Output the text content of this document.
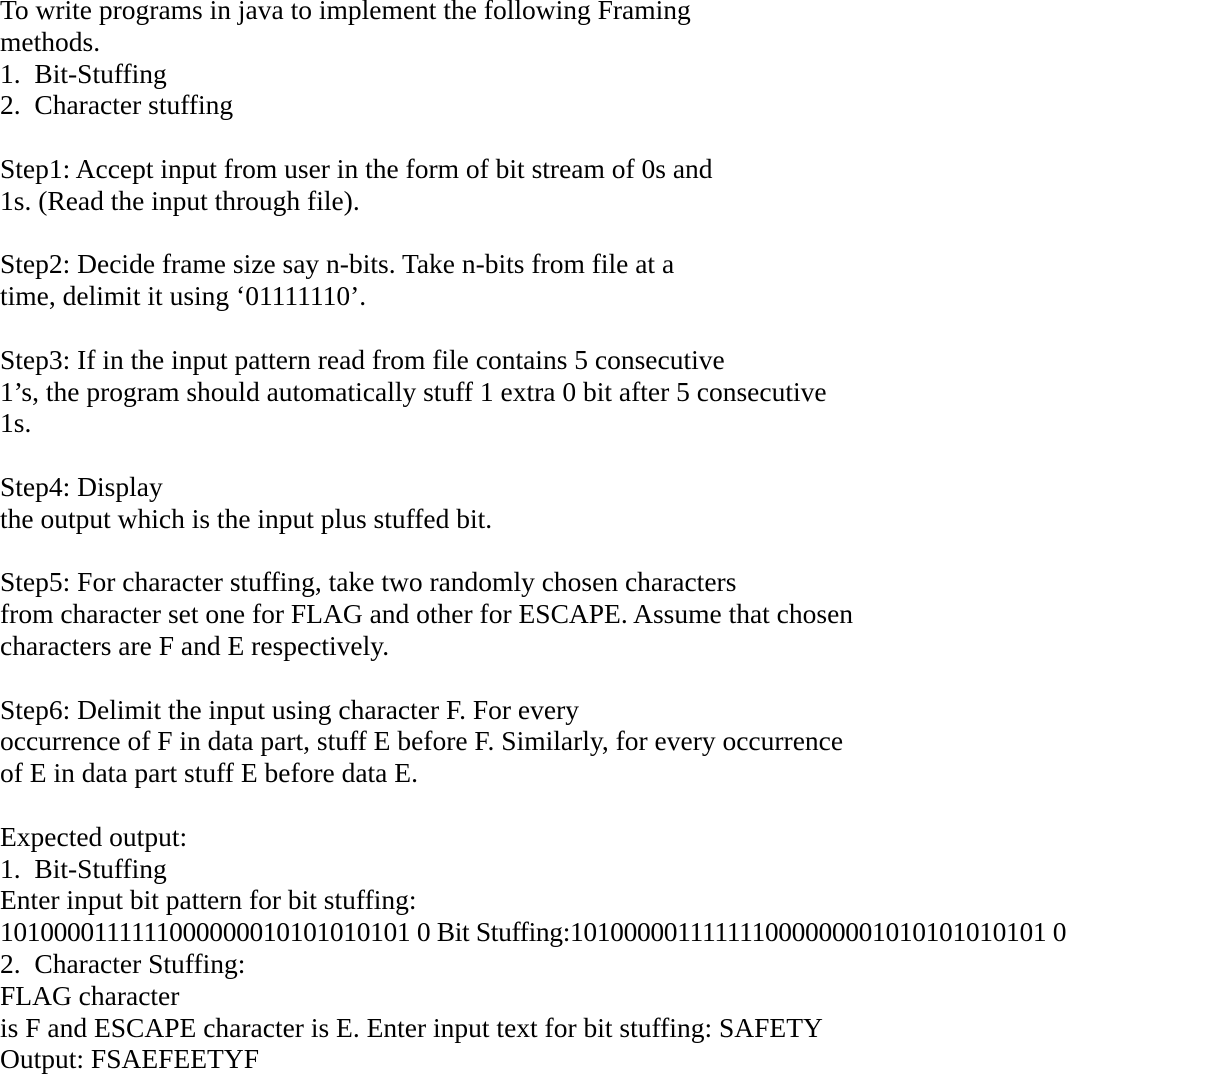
To write programs in java to implement the following Framing
methods.
1.  Bit-Stuffing
2.  Character stuffing
Step1: Accept input from user in the form of bit stream of 0s and
1s. (Read the input through file).
Step2: Decide frame size say n-bits. Take n-bits from file at a
time, delimit it using ‘01111110’.
Step3: If in the input pattern read from file contains 5 consecutive
1’s, the program should automatically stuff 1 extra 0 bit after 5 consecutive
1s.
Step4: Display
the output which is the input plus stuffed bit.
Step5: For character stuffing, take two randomly chosen characters
from character set one for FLAG and other for ESCAPE. Assume that chosen
characters are F and E respectively.
Step6: Delimit the input using character F. For every
occurrence of F in data part, stuff E before F. Similarly, for every occurrence
of E in data part stuff E before data E.
Expected output:
1.  Bit-Stuffing
Enter input bit pattern for bit stuffing:
1010000111111000000010101010101 0 Bit Stuffing:101000001111111000000001010101010101 0
2.  Character Stuffing:
FLAG character
is F and ESCAPE character is E. Enter input text for bit stuffing: SAFETY
Output: FSAEFEETYF
